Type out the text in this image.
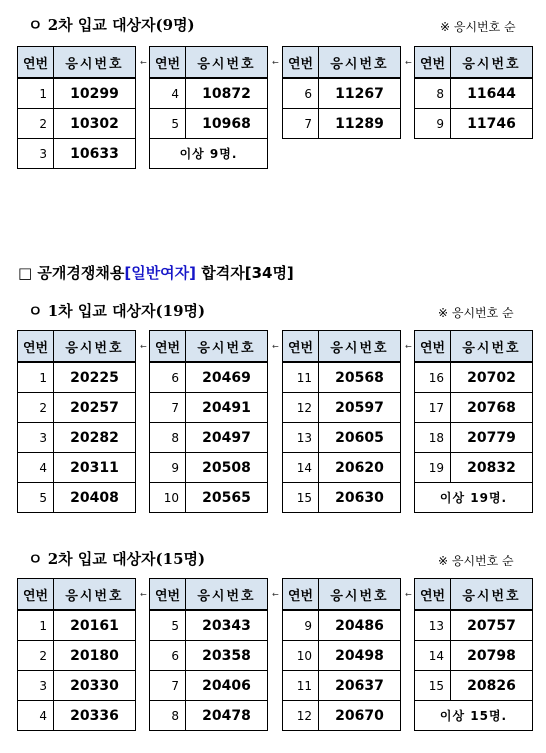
ㅇ 2차 입교 대상자(9명)	※ 응시번호 순
연번	응시번호
1	10299
2	10302
3	10633
← 연번	응시번호
4	10872
5	10968
이상 9명.	
← 연번	응시번호
6	11267
7	11289
← 연번	응시번호
8	11644
9	11746
□ 공개경쟁채용[일반여자] 합격자[34명]
ㅇ 1차 입교 대상자(19명)	※ 응시번호 순
연번	응시번호
1	20225
2	20257
3	20282
4	20311
5	20408
← 연번	응시번호
6	20469
7	20491
8	20497
9	20508
10	20565
← 연번	응시번호
11	20568
12	20597
13	20605
14	20620
15	20630
← 연번	응시번호
16	20702
17	20768
18	20779
19	20832
이상 19명.	
ㅇ 2차 입교 대상자(15명)	※ 응시번호 순
연번	응시번호
1	20161
2	20180
3	20330
4	20336
← 연번	응시번호
5	20343
6	20358
7	20406
8	20478
← 연번	응시번호
9	20486
10	20498
11	20637
12	20670
← 연번	응시번호
13	20757
14	20798
15	20826
이상 15명.	
